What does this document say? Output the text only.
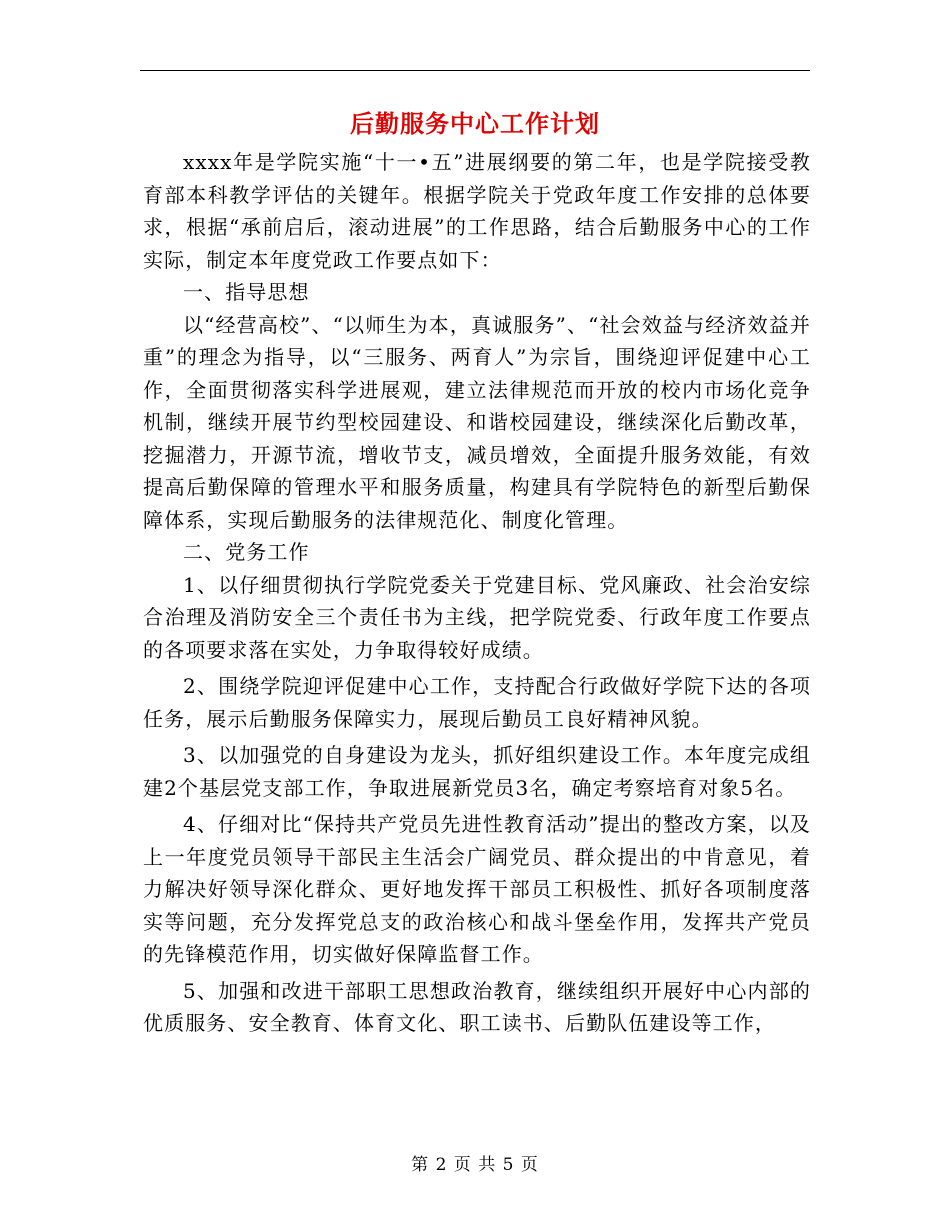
后勤服务中心工作计划

xxxx年是学院实施“十一•五”进展纲要的第二年，也是学院接受教育部本科教学评估的关键年。根据学院关于党政年度工作安排的总体要求，根据“承前启后，滚动进展”的工作思路，结合后勤服务中心的工作实际，制定本年度党政工作要点如下：

一、指导思想

以“经营高校”、“以师生为本，真诚服务”、“社会效益与经济效益并重”的理念为指导，以“三服务、两育人”为宗旨，围绕迎评促建中心工作，全面贯彻落实科学进展观，建立法律规范而开放的校内市场化竞争机制，继续开展节约型校园建设、和谐校园建设，继续深化后勤改革，挖掘潜力，开源节流，增收节支，减员增效，全面提升服务效能，有效提高后勤保障的管理水平和服务质量，构建具有学院特色的新型后勤保障体系，实现后勤服务的法律规范化、制度化管理。

二、党务工作

1、以仔细贯彻执行学院党委关于党建目标、党风廉政、社会治安综合治理及消防安全三个责任书为主线，把学院党委、行政年度工作要点的各项要求落在实处，力争取得较好成绩。

2、围绕学院迎评促建中心工作，支持配合行政做好学院下达的各项任务，展示后勤服务保障实力，展现后勤员工良好精神风貌。

3、以加强党的自身建设为龙头，抓好组织建设工作。本年度完成组建2个基层党支部工作，争取进展新党员3名，确定考察培育对象5名。

4、仔细对比“保持共产党员先进性教育活动”提出的整改方案，以及上一年度党员领导干部民主生活会广阔党员、群众提出的中肯意见，着力解决好领导深化群众、更好地发挥干部员工积极性、抓好各项制度落实等问题，充分发挥党总支的政治核心和战斗堡垒作用，发挥共产党员的先锋模范作用，切实做好保障监督工作。

5、加强和改进干部职工思想政治教育，继续组织开展好中心内部的优质服务、安全教育、体育文化、职工读书、后勤队伍建设等工作，

第 2 页 共 5 页
